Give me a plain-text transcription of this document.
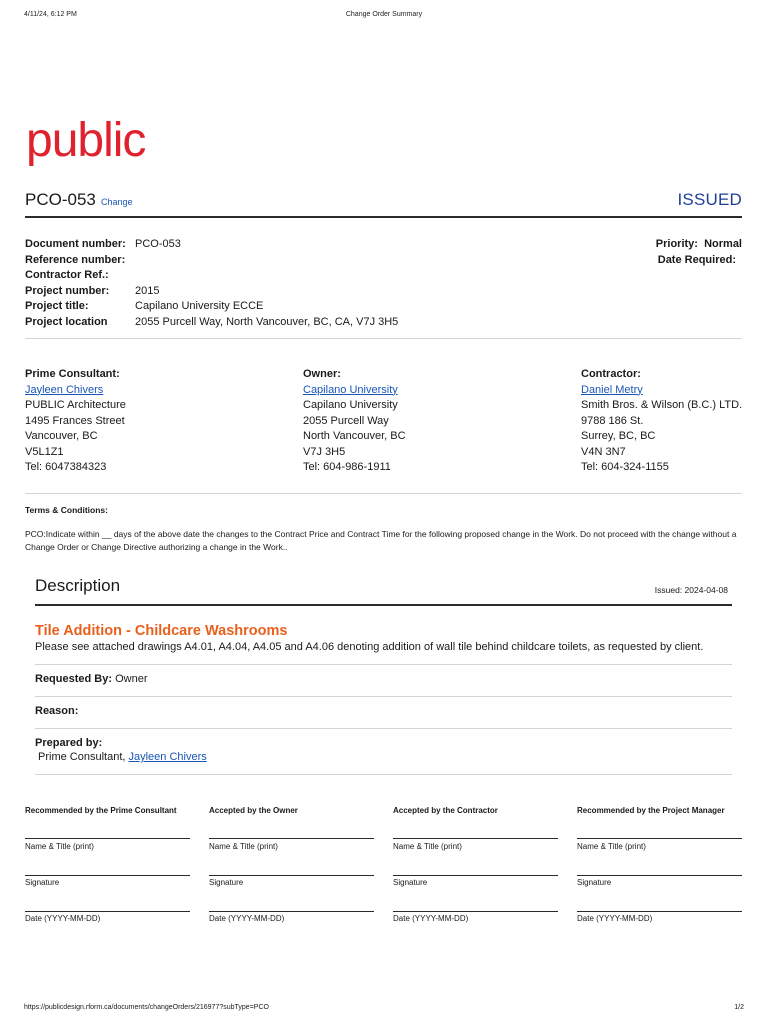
4/11/24, 6:12 PM	Change Order Summary
public
PCO-053 Change	ISSUED
Document number: PCO-053	Priority: Normal
Reference number:	Date Required:
Contractor Ref.:
Project number: 2015
Project title:	Capilano University ECCE
Project location 2055 Purcell Way, North Vancouver, BC, CA, V7J 3H5
Prime Consultant:
Jayleen Chivers
PUBLIC Architecture
1495 Frances Street
Vancouver, BC
V5L1Z1
Tel: 6047384323
Owner:
Capilano University
Capilano University
2055 Purcell Way
North Vancouver, BC
V7J 3H5
Tel: 604-986-1911
Contractor:
Daniel Metry
Smith Bros. & Wilson (B.C.) LTD.
9788 186 St.
Surrey, BC, BC
V4N 3N7
Tel: 604-324-1155
Terms & Conditions:
PCO:Indicate within __ days of the above date the changes to the Contract Price and Contract Time for the following proposed change in the Work. Do not proceed with the change without a Change Order or Change Directive authorizing a change in the Work..
Description	Issued: 2024-04-08
Tile Addition - Childcare Washrooms
Please see attached drawings A4.01, A4.04, A4.05 and A4.06 denoting addition of wall tile behind childcare toilets, as requested by client.
Requested By: Owner
Reason:
Prepared by:
Prime Consultant, Jayleen Chivers
Recommended by the Prime Consultant
Name & Title (print)
Signature
Date (YYYY-MM-DD)
Accepted by the Owner
Name & Title (print)
Signature
Date (YYYY-MM-DD)
Accepted by the Contractor
Name & Title (print)
Signature
Date (YYYY-MM-DD)
Recommended by the Project Manager
Name & Title (print)
Signature
Date (YYYY-MM-DD)
https://publicdesign.rform.ca/documents/changeOrders/216977?subType=PCO	1/2
